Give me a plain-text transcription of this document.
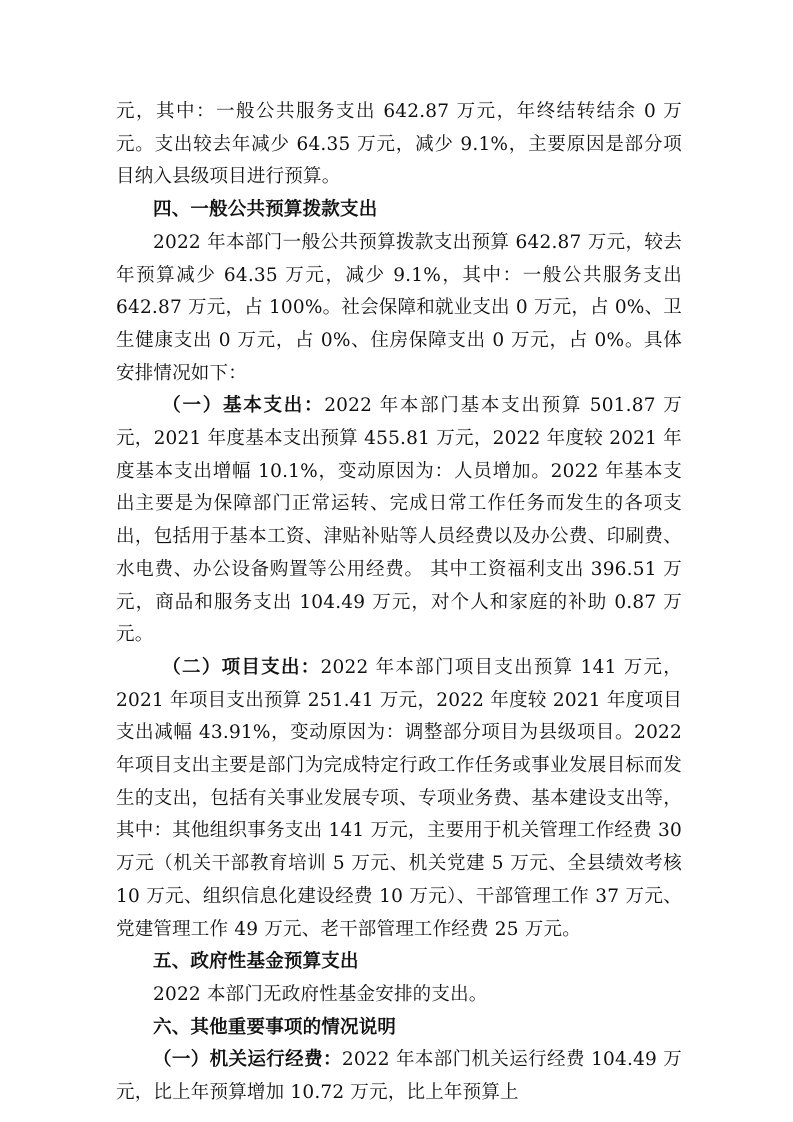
元，其中：一般公共服务支出 642.87 万元，年终结转结余 0 万元。支出较去年减少 64.35 万元，减少 9.1%，主要原因是部分项目纳入县级项目进行预算。

四、一般公共预算拨款支出

2022 年本部门一般公共预算拨款支出预算 642.87 万元，较去年预算减少 64.35 万元，减少 9.1%，其中：一般公共服务支出 642.87 万元，占 100%。社会保障和就业支出 0 万元，占 0%、卫生健康支出 0 万元，占 0%、住房保障支出 0 万元，占 0%。具体安排情况如下：

（一）基本支出：2022 年本部门基本支出预算 501.87 万元，2021 年度基本支出预算 455.81 万元，2022 年度较 2021 年度基本支出增幅 10.1%，变动原因为：人员增加。2022 年基本支出主要是为保障部门正常运转、完成日常工作任务而发生的各项支出，包括用于基本工资、津贴补贴等人员经费以及办公费、印刷费、水电费、办公设备购置等公用经费。 其中工资福利支出 396.51 万元，商品和服务支出 104.49 万元，对个人和家庭的补助 0.87 万元。

（二）项目支出：2022 年本部门项目支出预算 141 万元，2021 年项目支出预算 251.41 万元，2022 年度较 2021 年度项目支出减幅 43.91%，变动原因为：调整部分项目为县级项目。2022 年项目支出主要是部门为完成特定行政工作任务或事业发展目标而发生的支出，包括有关事业发展专项、专项业务费、基本建设支出等，其中：其他组织事务支出 141 万元，主要用于机关管理工作经费 30 万元（机关干部教育培训 5 万元、机关党建 5 万元、全县绩效考核 10 万元、组织信息化建设经费 10 万元）、干部管理工作 37 万元、党建管理工作 49 万元、老干部管理工作经费 25 万元。

五、政府性基金预算支出

2022 本部门无政府性基金安排的支出。

六、其他重要事项的情况说明

（一）机关运行经费：2022 年本部门机关运行经费 104.49 万元，比上年预算增加 10.72 万元，比上年预算上
